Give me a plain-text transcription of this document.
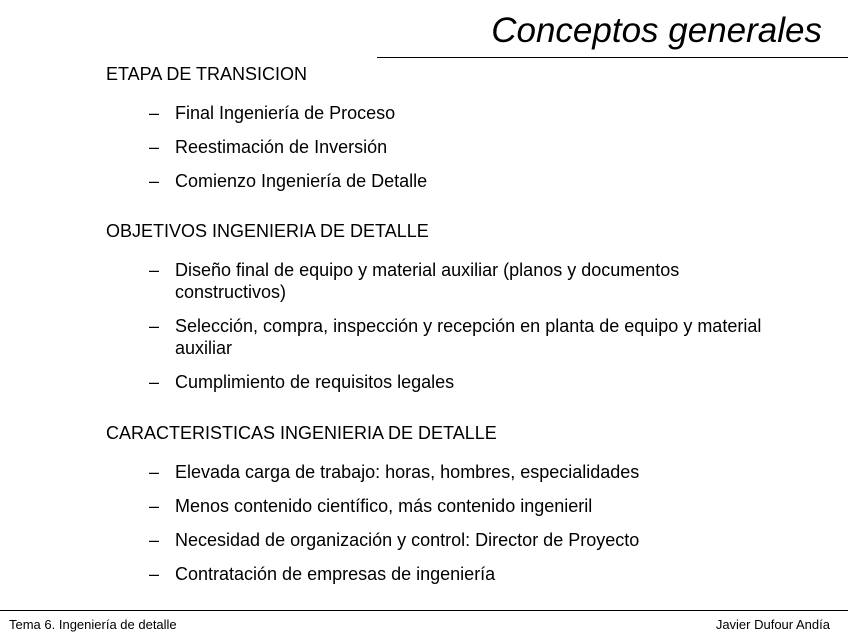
Conceptos generales
ETAPA DE TRANSICION
– Final Ingeniería de Proceso
– Reestimación de Inversión
– Comienzo Ingeniería de Detalle
OBJETIVOS INGENIERIA DE DETALLE
– Diseño final de equipo y material auxiliar (planos y documentos constructivos)
– Selección, compra, inspección y recepción en planta de equipo y material auxiliar
– Cumplimiento de requisitos legales
CARACTERISTICAS INGENIERIA DE DETALLE
– Elevada carga de trabajo: horas, hombres, especialidades
– Menos contenido científico, más contenido ingenieril
– Necesidad de organización y control: Director de Proyecto
– Contratación de empresas de ingeniería
Tema 6. Ingeniería de detalle	Javier Dufour Andía
